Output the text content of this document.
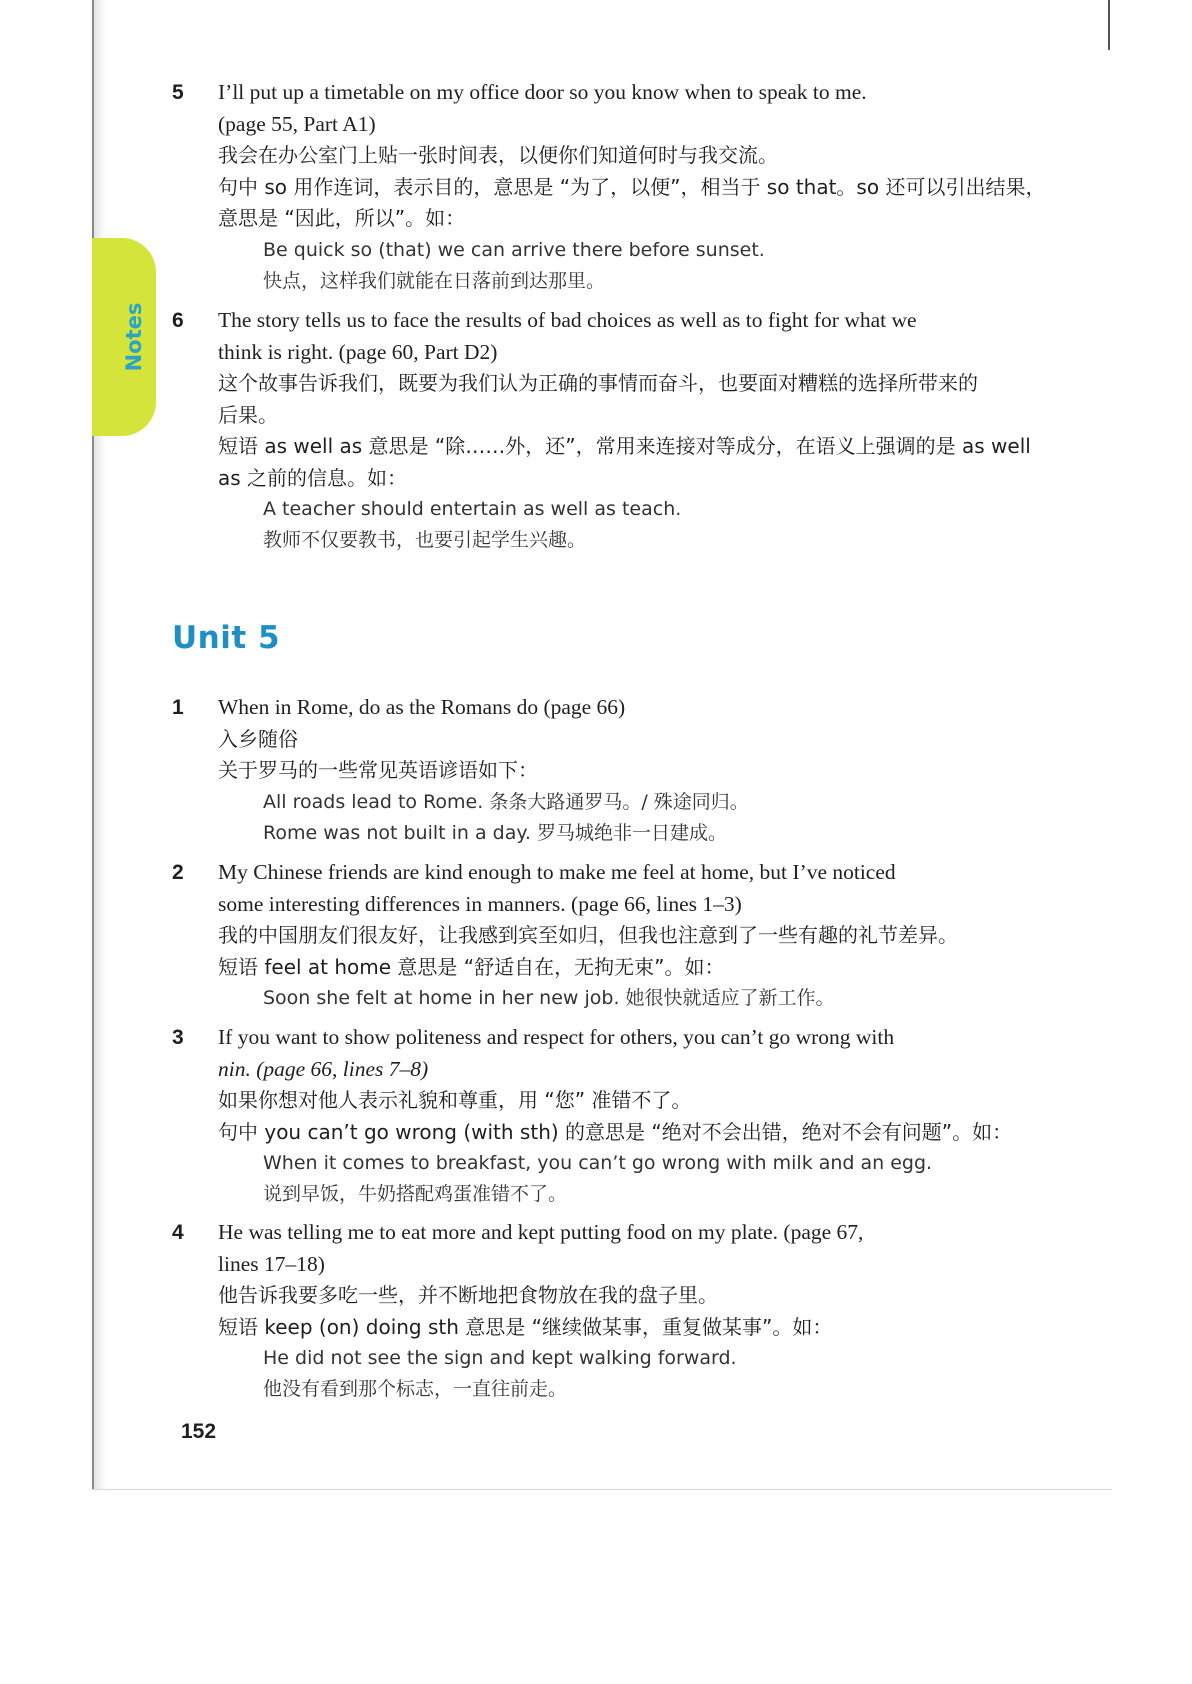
Notes
5 I’ll put up a timetable on my office door so you know when to speak to me.
(page 55, Part A1)
我会在办公室门上贴一张时间表，以便你们知道何时与我交流。
句中 so 用作连词，表示目的，意思是 “为了，以便”，相当于 so that。so 还可以引出结果，
意思是 “因此，所以”。如：
Be quick so (that) we can arrive there before sunset.
快点，这样我们就能在日落前到达那里。
6 The story tells us to face the results of bad choices as well as to fight for what we
think is right. (page 60, Part D2)
这个故事告诉我们，既要为我们认为正确的事情而奋斗，也要面对糟糕的选择所带来的
后果。
短语 as well as 意思是 “除……外，还”，常用来连接对等成分，在语义上强调的是 as well
as 之前的信息。如：
A teacher should entertain as well as teach.
教师不仅要教书，也要引起学生兴趣。
Unit 5
1 When in Rome, do as the Romans do (page 66)
入乡随俗
关于罗马的一些常见英语谚语如下：
All roads lead to Rome. 条条大路通罗马。/ 殊途同归。
Rome was not built in a day. 罗马城绝非一日建成。
2 My Chinese friends are kind enough to make me feel at home, but I’ve noticed
some interesting differences in manners. (page 66, lines 1–3)
我的中国朋友们很友好，让我感到宾至如归，但我也注意到了一些有趣的礼节差异。
短语 feel at home 意思是 “舒适自在，无拘无束”。如：
Soon she felt at home in her new job. 她很快就适应了新工作。
3 If you want to show politeness and respect for others, you can’t go wrong with
nin. (page 66, lines 7–8)
如果你想对他人表示礼貌和尊重，用 “您” 准错不了。
句中 you can’t go wrong (with sth) 的意思是 “绝对不会出错，绝对不会有问题”。如：
When it comes to breakfast, you can’t go wrong with milk and an egg.
说到早饭，牛奶搭配鸡蛋准错不了。
4 He was telling me to eat more and kept putting food on my plate. (page 67,
lines 17–18)
他告诉我要多吃一些，并不断地把食物放在我的盘子里。
短语 keep (on) doing sth 意思是 “继续做某事，重复做某事”。如：
He did not see the sign and kept walking forward.
他没有看到那个标志，一直往前走。
152
